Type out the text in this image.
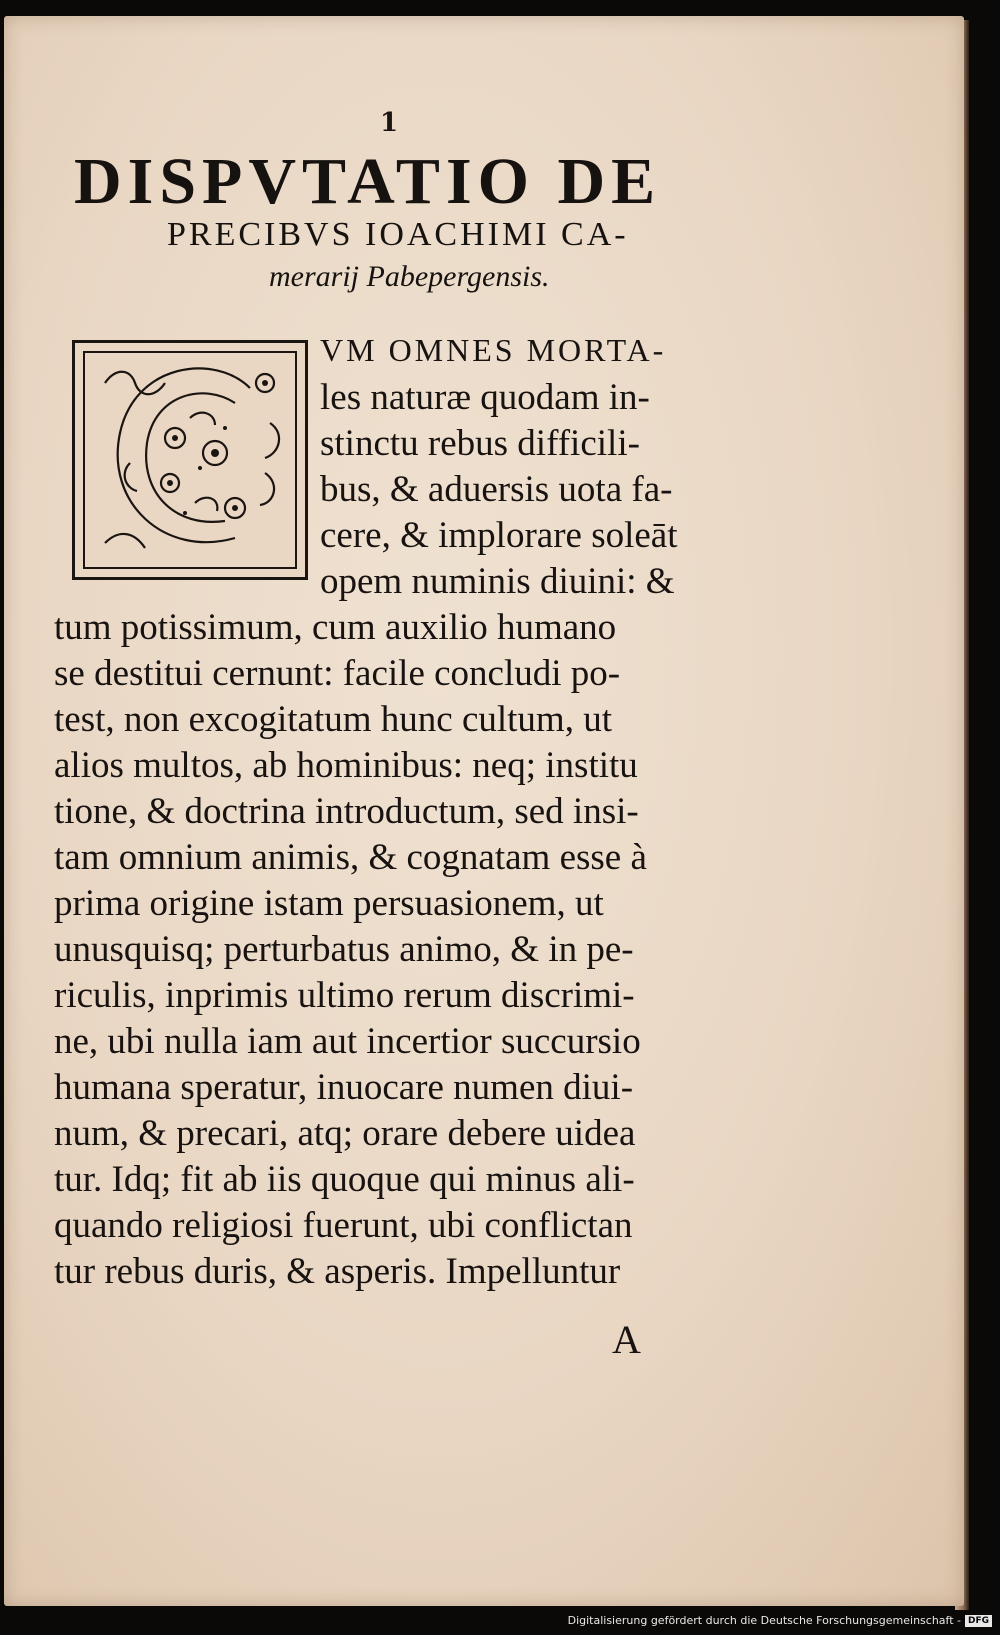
1
DISPVTATIO DE
PRECIBVS IOACHIMI CA-
merarij Pabepergensis.
VM OMNES MORTA-
les naturæ quodam in-
stinctu rebus difficili-
bus, & aduersis uota fa-
cere, & implorare soleāt
opem numinis diuini: &
tum potissimum, cum auxilio humano
se destitui cernunt: facile concludi po-
test, non excogitatum hunc cultum, ut
alios multos, ab hominibus: neq; institu
tione, & doctrina introductum, sed insi-
tam omnium animis, & cognatam esse à
prima origine istam persuasionem, ut
unusquisq; perturbatus animo, & in pe-
riculis, inprimis ultimo rerum discrimi-
ne, ubi nulla iam aut incertior succursio
humana speratur, inuocare numen diui-
num, & precari, atq; orare debere uidea
tur. Idq; fit ab iis quoque qui minus ali-
quando religiosi fuerunt, ubi conflictan
tur rebus duris, & asperis. Impelluntur
A
Digitalisierung gefördert durch die Deutsche Forschungsgemeinschaft - DFG
